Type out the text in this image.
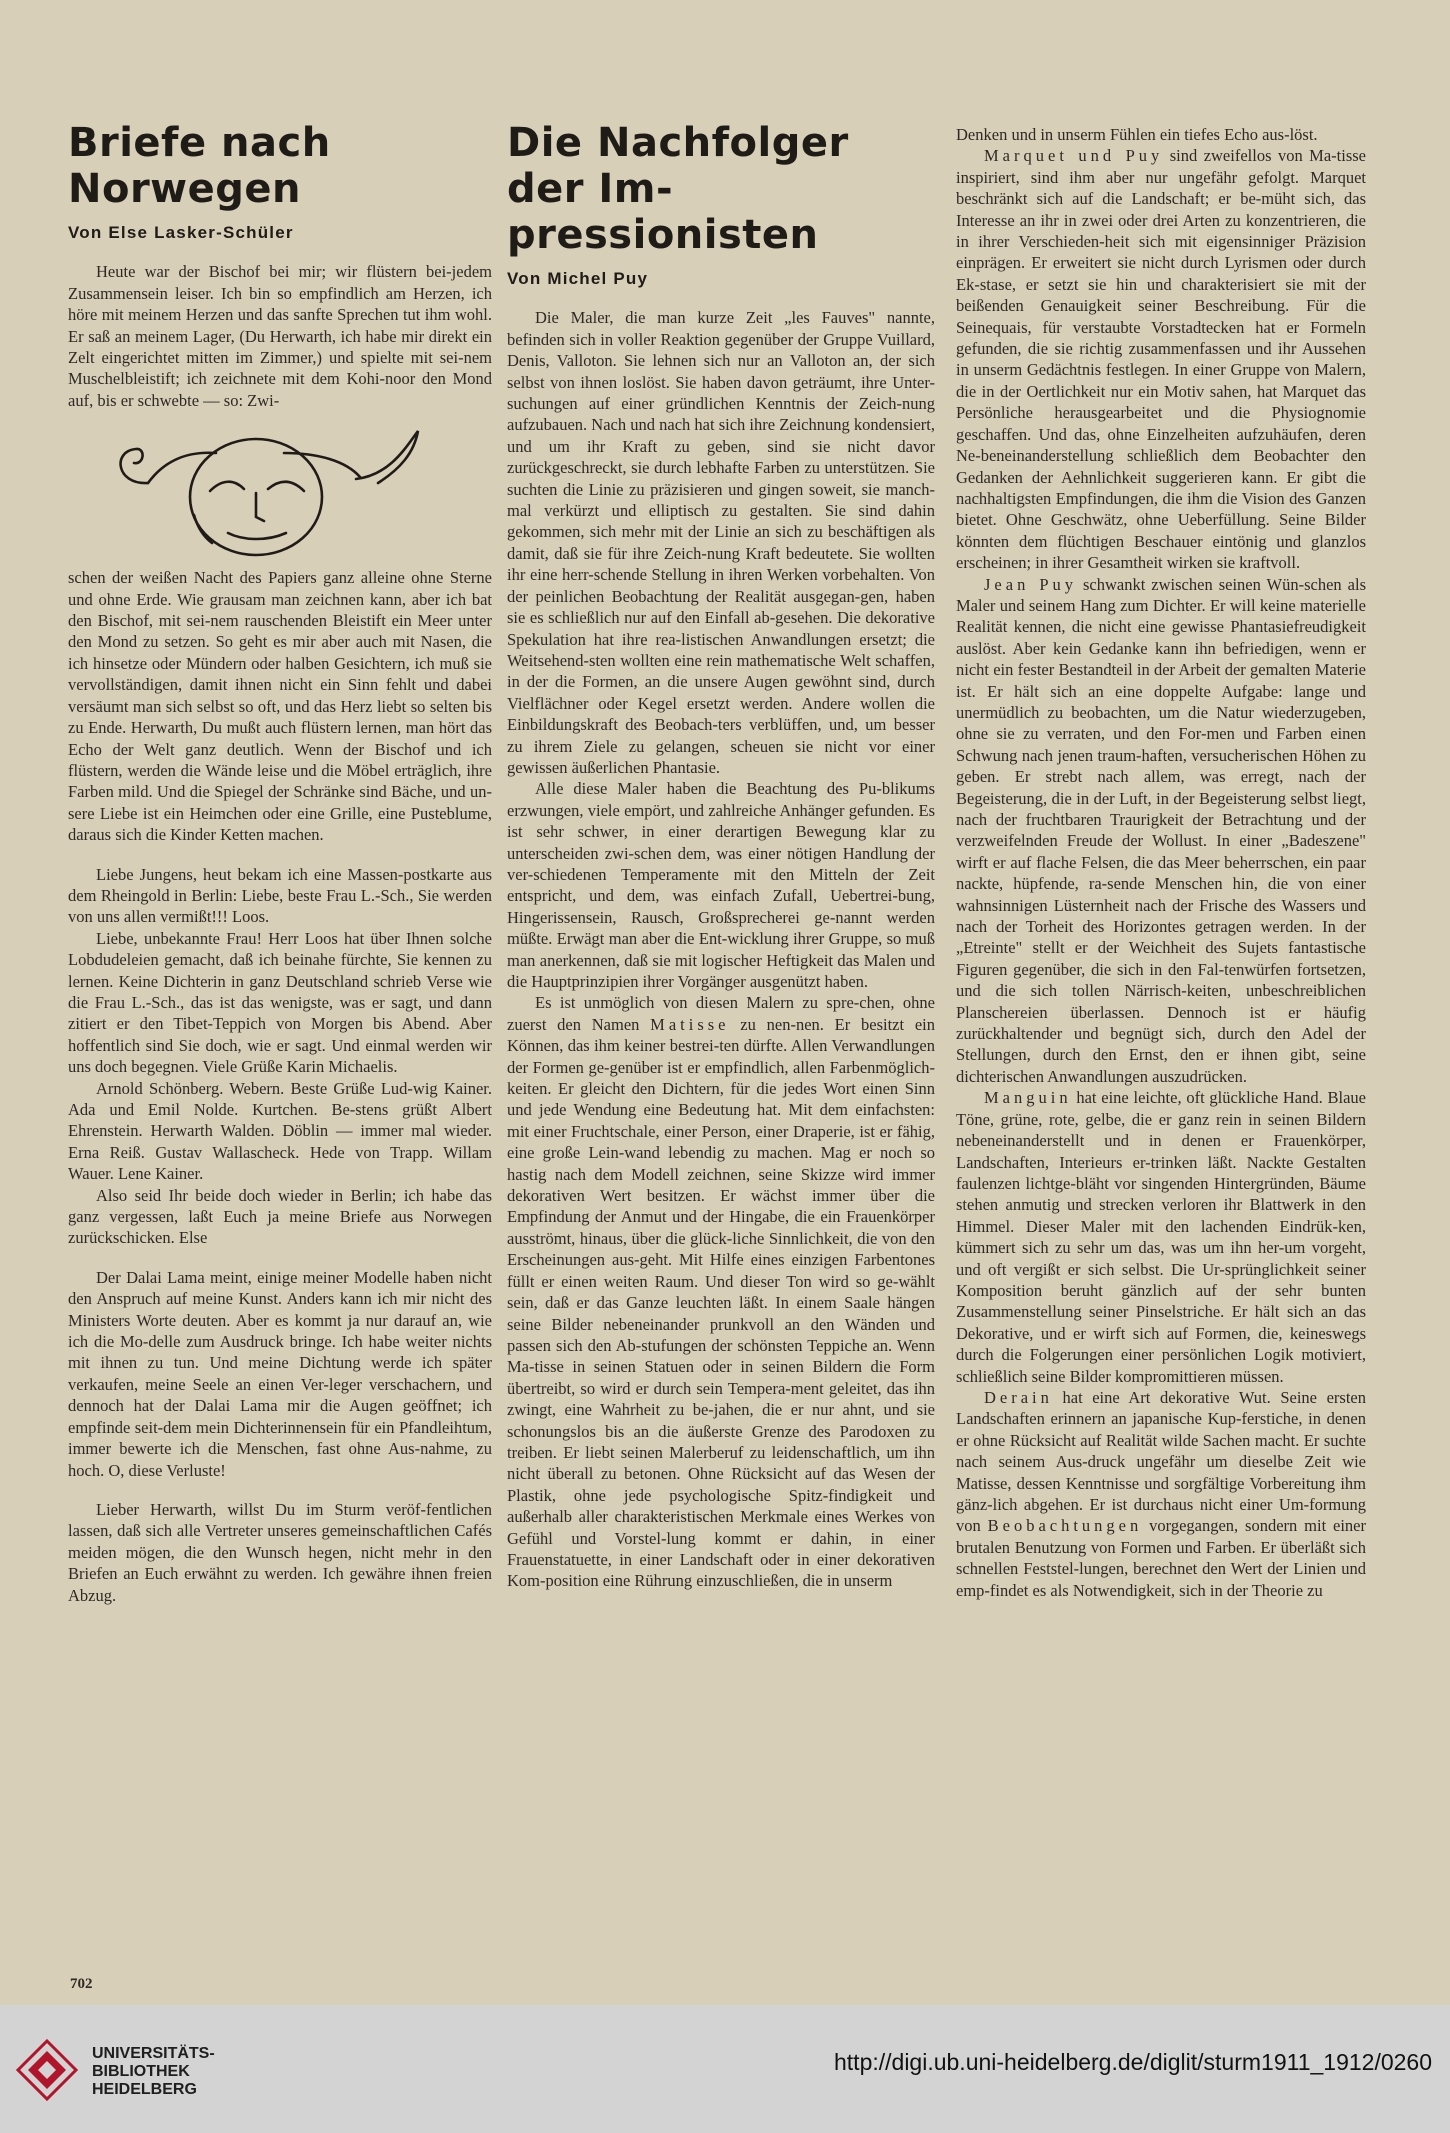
Briefe nach Norwegen
Von Else Lasker-Schüler

Heute war der Bischof bei mir; wir flüstern bei-jedem Zusammensein leiser. Ich bin so empfindlich am Herzen, ich höre mit meinem Herzen und das sanfte Sprechen tut ihm wohl. Er saß an meinem Lager, (Du Herwarth, ich habe mir direkt ein Zelt eingerichtet mitten im Zimmer,) und spielte mit sei-nem Muschelbleistift; ich zeichnete mit dem Kohi-noor den Mond auf, bis er schwebte — so: Zwi-

schen der weißen Nacht des Papiers ganz alleine ohne Sterne und ohne Erde. Wie grausam man zeichnen kann, aber ich bat den Bischof, mit sei-nem rauschenden Bleistift ein Meer unter den Mond zu setzen. So geht es mir aber auch mit Nasen, die ich hinsetze oder Mündern oder halben Gesichtern, ich muß sie vervollständigen, damit ihnen nicht ein Sinn fehlt und dabei versäumt man sich selbst so oft, und das Herz liebt so selten bis zu Ende. Herwarth, Du mußt auch flüstern lernen, man hört das Echo der Welt ganz deutlich. Wenn der Bischof und ich flüstern, werden die Wände leise und die Möbel erträglich, ihre Farben mild. Und die Spiegel der Schränke sind Bäche, und un-sere Liebe ist ein Heimchen oder eine Grille, eine Pusteblume, daraus sich die Kinder Ketten machen.

Liebe Jungens, heut bekam ich eine Massen-postkarte aus dem Rheingold in Berlin: Liebe, beste Frau L.-Sch., Sie werden von uns allen vermißt!!! Loos.

Liebe, unbekannte Frau! Herr Loos hat über Ihnen solche Lobdudeleien gemacht, daß ich beinahe fürchte, Sie kennen zu lernen. Keine Dichterin in ganz Deutschland schrieb Verse wie die Frau L.-Sch., das ist das wenigste, was er sagt, und dann zitiert er den Tibet-Teppich von Morgen bis Abend. Aber hoffentlich sind Sie doch, wie er sagt. Und einmal werden wir uns doch begegnen. Viele Grüße Karin Michaelis.

Arnold Schönberg. Webern. Beste Grüße Lud-wig Kainer. Ada und Emil Nolde. Kurtchen. Be-stens grüßt Albert Ehrenstein. Herwarth Walden. Döblin — immer mal wieder. Erna Reiß. Gustav Wallascheck. Hede von Trapp. Willam Wauer. Lene Kainer.

Also seid Ihr beide doch wieder in Berlin; ich habe das ganz vergessen, laßt Euch ja meine Briefe aus Norwegen zurückschicken. Else

Der Dalai Lama meint, einige meiner Modelle haben nicht den Anspruch auf meine Kunst. Anders kann ich mir nicht des Ministers Worte deuten. Aber es kommt ja nur darauf an, wie ich die Mo-delle zum Ausdruck bringe. Ich habe weiter nichts mit ihnen zu tun. Und meine Dichtung werde ich später verkaufen, meine Seele an einen Ver-leger verschachern, und dennoch hat der Dalai Lama mir die Augen geöffnet; ich empfinde seit-dem mein Dichterinnensein für ein Pfandleihtum, immer bewerte ich die Menschen, fast ohne Aus-nahme, zu hoch. O, diese Verluste!

Lieber Herwarth, willst Du im Sturm veröf-fentlichen lassen, daß sich alle Vertreter unseres gemeinschaftlichen Cafés meiden mögen, die den Wunsch hegen, nicht mehr in den Briefen an Euch erwähnt zu werden. Ich gewähre ihnen freien Abzug.

Die Nachfolger der Im-pressionisten
Von Michel Puy

Die Maler, die man kurze Zeit „les Fauves" nannte, befinden sich in voller Reaktion gegenüber der Gruppe Vuillard, Denis, Valloton. Sie lehnen sich nur an Valloton an, der sich selbst von ihnen loslöst. Sie haben davon geträumt, ihre Unter-suchungen auf einer gründlichen Kenntnis der Zeich-nung aufzubauen. Nach und nach hat sich ihre Zeichnung kondensiert, und um ihr Kraft zu geben, sind sie nicht davor zurückgeschreckt, sie durch lebhafte Farben zu unterstützen. Sie suchten die Linie zu präzisieren und gingen soweit, sie manch-mal verkürzt und elliptisch zu gestalten. Sie sind dahin gekommen, sich mehr mit der Linie an sich zu beschäftigen als damit, daß sie für ihre Zeich-nung Kraft bedeutete. Sie wollten ihr eine herr-schende Stellung in ihren Werken vorbehalten. Von der peinlichen Beobachtung der Realität ausgegan-gen, haben sie es schließlich nur auf den Einfall ab-gesehen. Die dekorative Spekulation hat ihre rea-listischen Anwandlungen ersetzt; die Weitsehend-sten wollten eine rein mathematische Welt schaffen, in der die Formen, an die unsere Augen gewöhnt sind, durch Vielflächner oder Kegel ersetzt werden. Andere wollen die Einbildungskraft des Beobach-ters verblüffen, und, um besser zu ihrem Ziele zu gelangen, scheuen sie nicht vor einer gewissen äußerlichen Phantasie.

Alle diese Maler haben die Beachtung des Pu-blikums erzwungen, viele empört, und zahlreiche Anhänger gefunden. Es ist sehr schwer, in einer derartigen Bewegung klar zu unterscheiden zwi-schen dem, was einer nötigen Handlung der ver-schiedenen Temperamente mit den Mitteln der Zeit entspricht, und dem, was einfach Zufall, Uebertrei-bung, Hingerissensein, Rausch, Großsprecherei ge-nannt werden müßte. Erwägt man aber die Ent-wicklung ihrer Gruppe, so muß man anerkennen, daß sie mit logischer Heftigkeit das Malen und die Hauptprinzipien ihrer Vorgänger ausgenützt haben.

Es ist unmöglich von diesen Malern zu spre-chen, ohne zuerst den Namen Matisse zu nen-nen. Er besitzt ein Können, das ihm keiner bestrei-ten dürfte. Allen Verwandlungen der Formen ge-genüber ist er empfindlich, allen Farbenmöglich-keiten. Er gleicht den Dichtern, für die jedes Wort einen Sinn und jede Wendung eine Bedeutung hat. Mit dem einfachsten: mit einer Fruchtschale, einer Person, einer Draperie, ist er fähig, eine große Lein-wand lebendig zu machen. Mag er noch so hastig nach dem Modell zeichnen, seine Skizze wird immer dekorativen Wert besitzen. Er wächst immer über die Empfindung der Anmut und der Hingabe, die ein Frauenkörper ausströmt, hinaus, über die glück-liche Sinnlichkeit, die von den Erscheinungen aus-geht. Mit Hilfe eines einzigen Farbentones füllt er einen weiten Raum. Und dieser Ton wird so ge-wählt sein, daß er das Ganze leuchten läßt. In einem Saale hängen seine Bilder nebeneinander prunkvoll an den Wänden und passen sich den Ab-stufungen der schönsten Teppiche an. Wenn Ma-tisse in seinen Statuen oder in seinen Bildern die Form übertreibt, so wird er durch sein Tempera-ment geleitet, das ihn zwingt, eine Wahrheit zu be-jahen, die er nur ahnt, und sie schonungslos bis an die äußerste Grenze des Parodoxen zu treiben. Er liebt seinen Malerberuf zu leidenschaftlich, um ihn nicht überall zu betonen. Ohne Rücksicht auf das Wesen der Plastik, ohne jede psychologische Spitz-findigkeit und außerhalb aller charakteristischen Merkmale eines Werkes von Gefühl und Vorstel-lung kommt er dahin, in einer Frauenstatuette, in einer Landschaft oder in einer dekorativen Kom-position eine Rührung einzuschließen, die in unserm

Denken und in unserm Fühlen ein tiefes Echo aus-löst.

Marquet und Puy sind zweifellos von Ma-tisse inspiriert, sind ihm aber nur ungefähr gefolgt. Marquet beschränkt sich auf die Landschaft; er be-müht sich, das Interesse an ihr in zwei oder drei Arten zu konzentrieren, die in ihrer Verschieden-heit sich mit eigensinniger Präzision einprägen. Er erweitert sie nicht durch Lyrismen oder durch Ek-stase, er setzt sie hin und charakterisiert sie mit der beißenden Genauigkeit seiner Beschreibung. Für die Seinequais, für verstaubte Vorstadtecken hat er Formeln gefunden, die sie richtig zusammenfassen und ihr Aussehen in unserm Gedächtnis festlegen. In einer Gruppe von Malern, die in der Oertlichkeit nur ein Motiv sahen, hat Marquet das Persönliche herausgearbeitet und die Physiognomie geschaffen. Und das, ohne Einzelheiten aufzuhäufen, deren Ne-beneinanderstellung schließlich dem Beobachter den Gedanken der Aehnlichkeit suggerieren kann. Er gibt die nachhaltigsten Empfindungen, die ihm die Vision des Ganzen bietet. Ohne Geschwätz, ohne Ueberfüllung. Seine Bilder könnten dem flüchtigen Beschauer eintönig und glanzlos erscheinen; in ihrer Gesamtheit wirken sie kraftvoll.

Jean Puy schwankt zwischen seinen Wün-schen als Maler und seinem Hang zum Dichter. Er will keine materielle Realität kennen, die nicht eine gewisse Phantasiefreudigkeit auslöst. Aber kein Gedanke kann ihn befriedigen, wenn er nicht ein fester Bestandteil in der Arbeit der gemalten Materie ist. Er hält sich an eine doppelte Aufgabe: lange und unermüdlich zu beobachten, um die Natur wiederzugeben, ohne sie zu verraten, und den For-men und Farben einen Schwung nach jenen traum-haften, versucherischen Höhen zu geben. Er strebt nach allem, was erregt, nach der Begeisterung, die in der Luft, in der Begeisterung selbst liegt, nach der fruchtbaren Traurigkeit der Betrachtung und der verzweifelnden Freude der Wollust. In einer „Badeszene" wirft er auf flache Felsen, die das Meer beherrschen, ein paar nackte, hüpfende, ra-sende Menschen hin, die von einer wahnsinnigen Lüsternheit nach der Frische des Wassers und nach der Torheit des Horizontes getragen werden. In der „Etreinte" stellt er der Weichheit des Sujets fantastische Figuren gegenüber, die sich in den Fal-tenwürfen fortsetzen, und die sich tollen Närrisch-keiten, unbeschreiblichen Planschereien überlassen. Dennoch ist er häufig zurückhaltender und begnügt sich, durch den Adel der Stellungen, durch den Ernst, den er ihnen gibt, seine dichterischen Anwandlungen auszudrücken.

Manguin hat eine leichte, oft glückliche Hand. Blaue Töne, grüne, rote, gelbe, die er ganz rein in seinen Bildern nebeneinanderstellt und in denen er Frauenkörper, Landschaften, Interieurs er-trinken läßt. Nackte Gestalten faulenzen lichtge-bläht vor singenden Hintergründen, Bäume stehen anmutig und strecken verloren ihr Blattwerk in den Himmel. Dieser Maler mit den lachenden Eindrük-ken, kümmert sich zu sehr um das, was um ihn her-um vorgeht, und oft vergißt er sich selbst. Die Ur-sprünglichkeit seiner Komposition beruht gänzlich auf der sehr bunten Zusammenstellung seiner Pinselstriche. Er hält sich an das Dekorative, und er wirft sich auf Formen, die, keineswegs durch die Folgerungen einer persönlichen Logik motiviert, schließlich seine Bilder kompromittieren müssen.

Derain hat eine Art dekorative Wut. Seine ersten Landschaften erinnern an japanische Kup-ferstiche, in denen er ohne Rücksicht auf Realität wilde Sachen macht. Er suchte nach seinem Aus-druck ungefähr um dieselbe Zeit wie Matisse, dessen Kenntnisse und sorgfältige Vorbereitung ihm gänz-lich abgehen. Er ist durchaus nicht einer Um-formung von Beobachtungen vorgegangen, sondern mit einer brutalen Benutzung von Formen und Farben. Er überläßt sich schnellen Feststel-lungen, berechnet den Wert der Linien und emp-findet es als Notwendigkeit, sich in der Theorie zu

702
UNIVERSITÄTS-
BIBLIOTHEK
HEIDELBERG
http://digi.ub.uni-heidelberg.de/diglit/sturm1911_1912/0260
